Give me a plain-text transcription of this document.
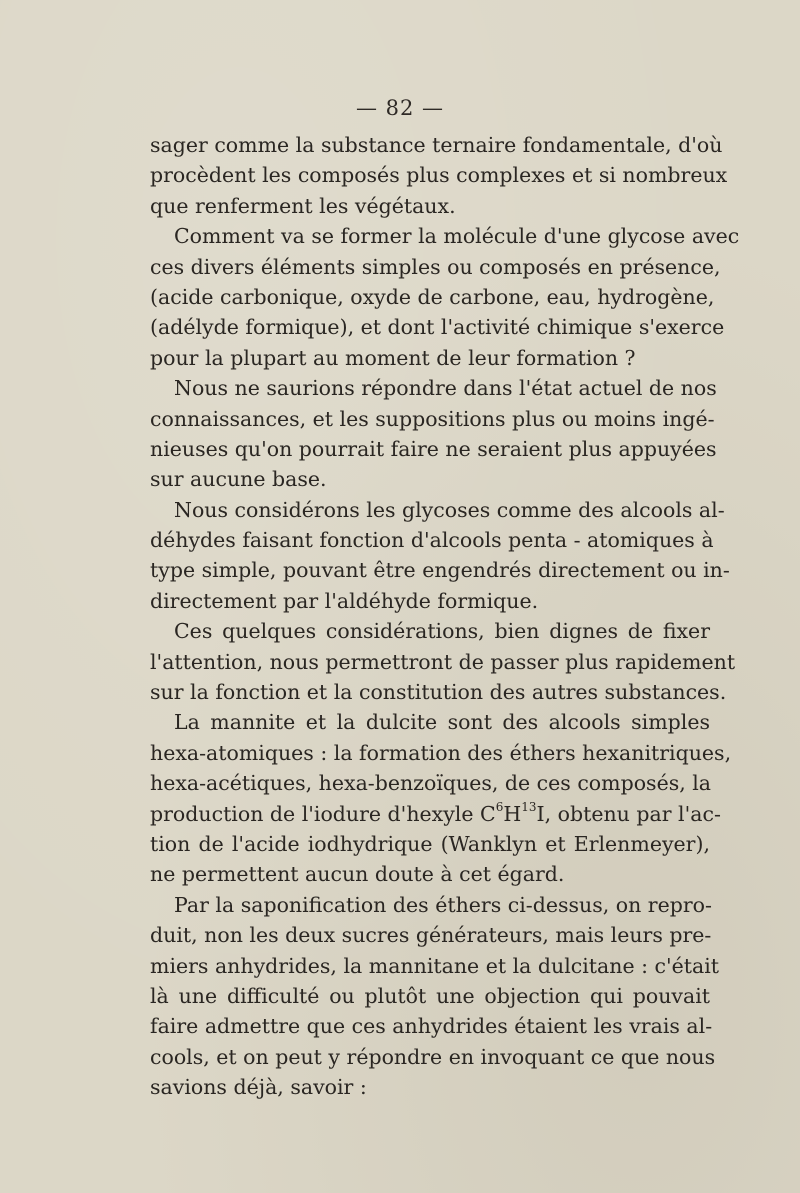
— 82 —
sager comme la substance ternaire fondamentale, d'où
procèdent les composés plus complexes et si nombreux
que renferment les végétaux.
Comment va se former la molécule d'une glycose avec
ces divers éléments simples ou composés en présence,
(acide carbonique, oxyde de carbone, eau, hydrogène,
(adélyde formique), et dont l'activité chimique s'exerce
pour la plupart au moment de leur formation ?
Nous ne saurions répondre dans l'état actuel de nos
connaissances, et les suppositions plus ou moins ingé-
nieuses qu'on pourrait faire ne seraient plus appuyées
sur aucune base.
Nous considérons les glycoses comme des alcools al-
déhydes faisant fonction d'alcools penta - atomiques à
type simple, pouvant être engendrés directement ou in-
directement par l'aldéhyde formique.
Ces quelques considérations, bien dignes de fixer
l'attention, nous permettront de passer plus rapidement
sur la fonction et la constitution des autres substances.
La mannite et la dulcite sont des alcools simples
hexa-atomiques : la formation des éthers hexanitriques,
hexa-acétiques, hexa-benzoïques, de ces composés, la
production de l'iodure d'hexyle $C^6H^{13}I$, obtenu par l'ac-
tion de l'acide iodhydrique (Wanklyn et Erlenmeyer),
ne permettent aucun doute à cet égard.
Par la saponification des éthers ci-dessus, on repro-
duit, non les deux sucres générateurs, mais leurs pre-
miers anhydrides, la mannitane et la dulcitane : c'était
là une difficulté ou plutôt une objection qui pouvait
faire admettre que ces anhydrides étaient les vrais al-
cools, et on peut y répondre en invoquant ce que nous
savions déjà, savoir :
